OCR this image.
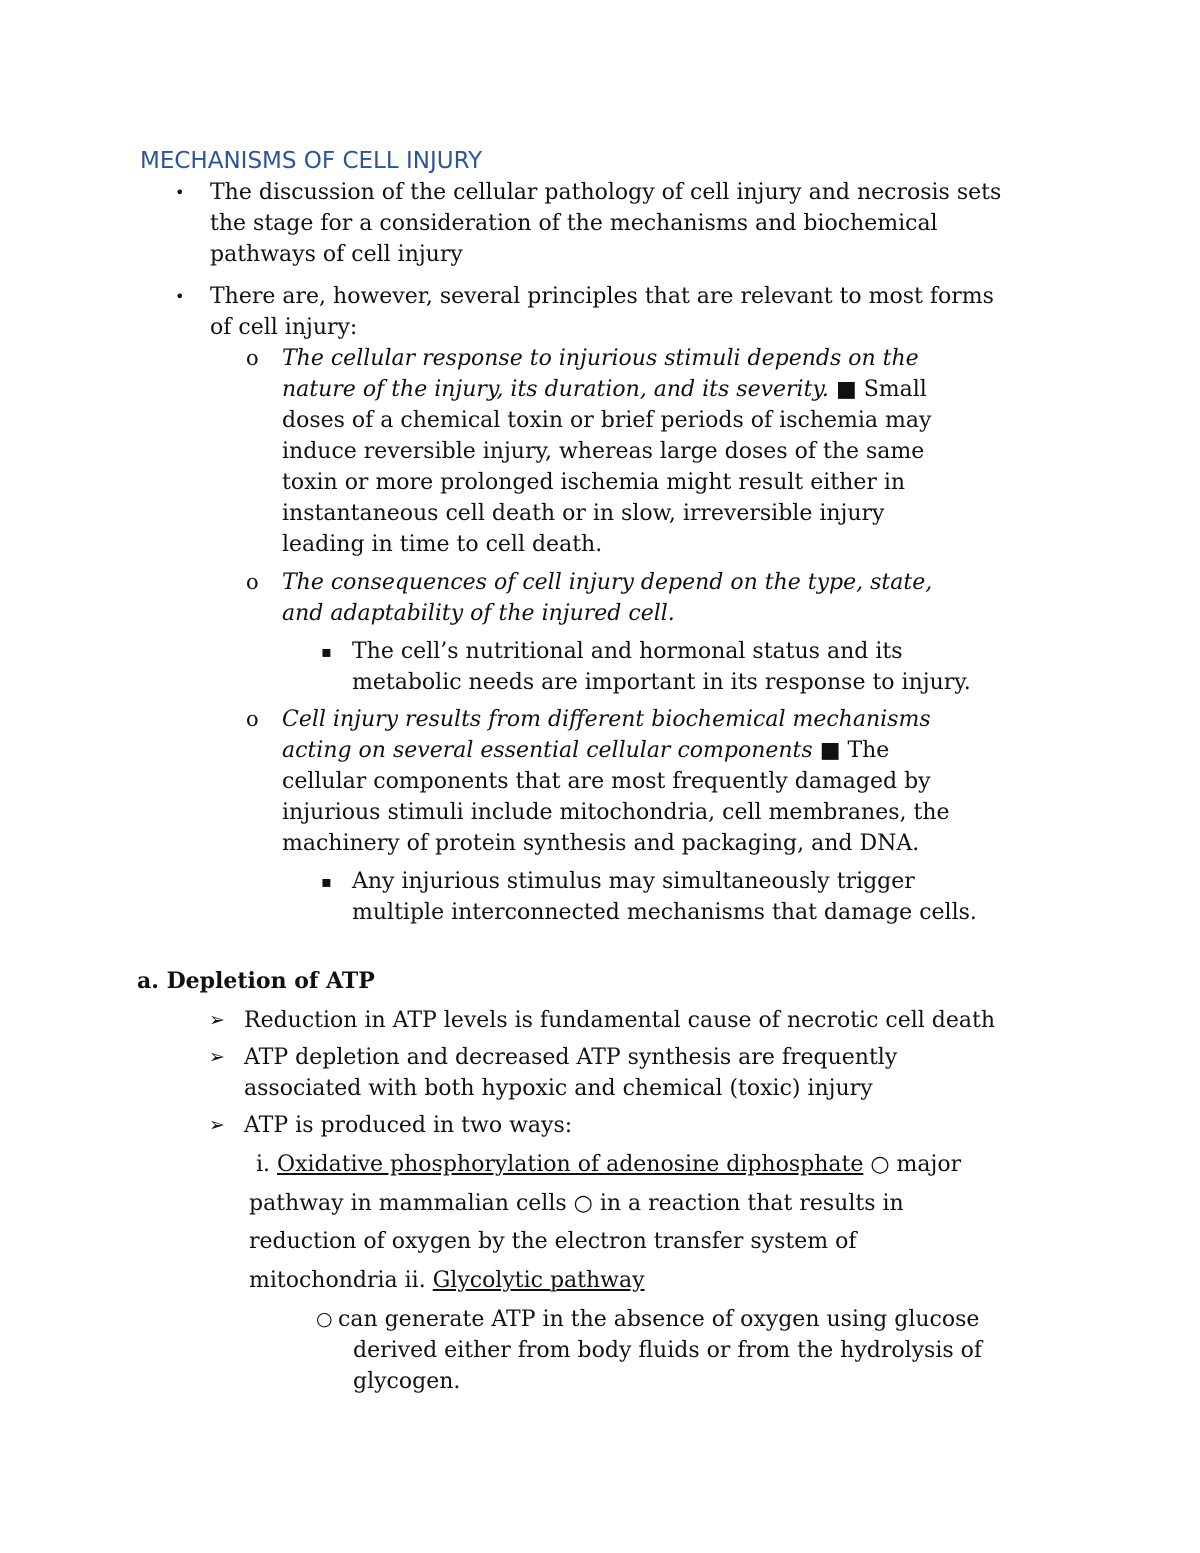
MECHANISMS OF CELL INJURY
• The discussion of the cellular pathology of cell injury and necrosis sets
the stage for a consideration of the mechanisms and biochemical
pathways of cell injury
• There are, however, several principles that are relevant to most forms
of cell injury:
o The cellular response to injurious stimuli depends on the
nature of the injury, its duration, and its severity. ■ Small
doses of a chemical toxin or brief periods of ischemia may
induce reversible injury, whereas large doses of the same
toxin or more prolonged ischemia might result either in
instantaneous cell death or in slow, irreversible injury
leading in time to cell death.
o The consequences of cell injury depend on the type, state,
and adaptability of the injured cell.
▪ The cell’s nutritional and hormonal status and its
metabolic needs are important in its response to injury.
o Cell injury results from different biochemical mechanisms
acting on several essential cellular components ■ The
cellular components that are most frequently damaged by
injurious stimuli include mitochondria, cell membranes, the
machinery of protein synthesis and packaging, and DNA.
▪ Any injurious stimulus may simultaneously trigger
multiple interconnected mechanisms that damage cells.
a. Depletion of ATP
➢ Reduction in ATP levels is fundamental cause of necrotic cell death
➢ ATP depletion and decreased ATP synthesis are frequently
associated with both hypoxic and chemical (toxic) injury
➢ ATP is produced in two ways:
i. Oxidative phosphorylation of adenosine diphosphate ○ major
pathway in mammalian cells ○ in a reaction that results in
reduction of oxygen by the electron transfer system of
mitochondria ii. Glycolytic pathway
○ can generate ATP in the absence of oxygen using glucose
derived either from body fluids or from the hydrolysis of
glycogen.
